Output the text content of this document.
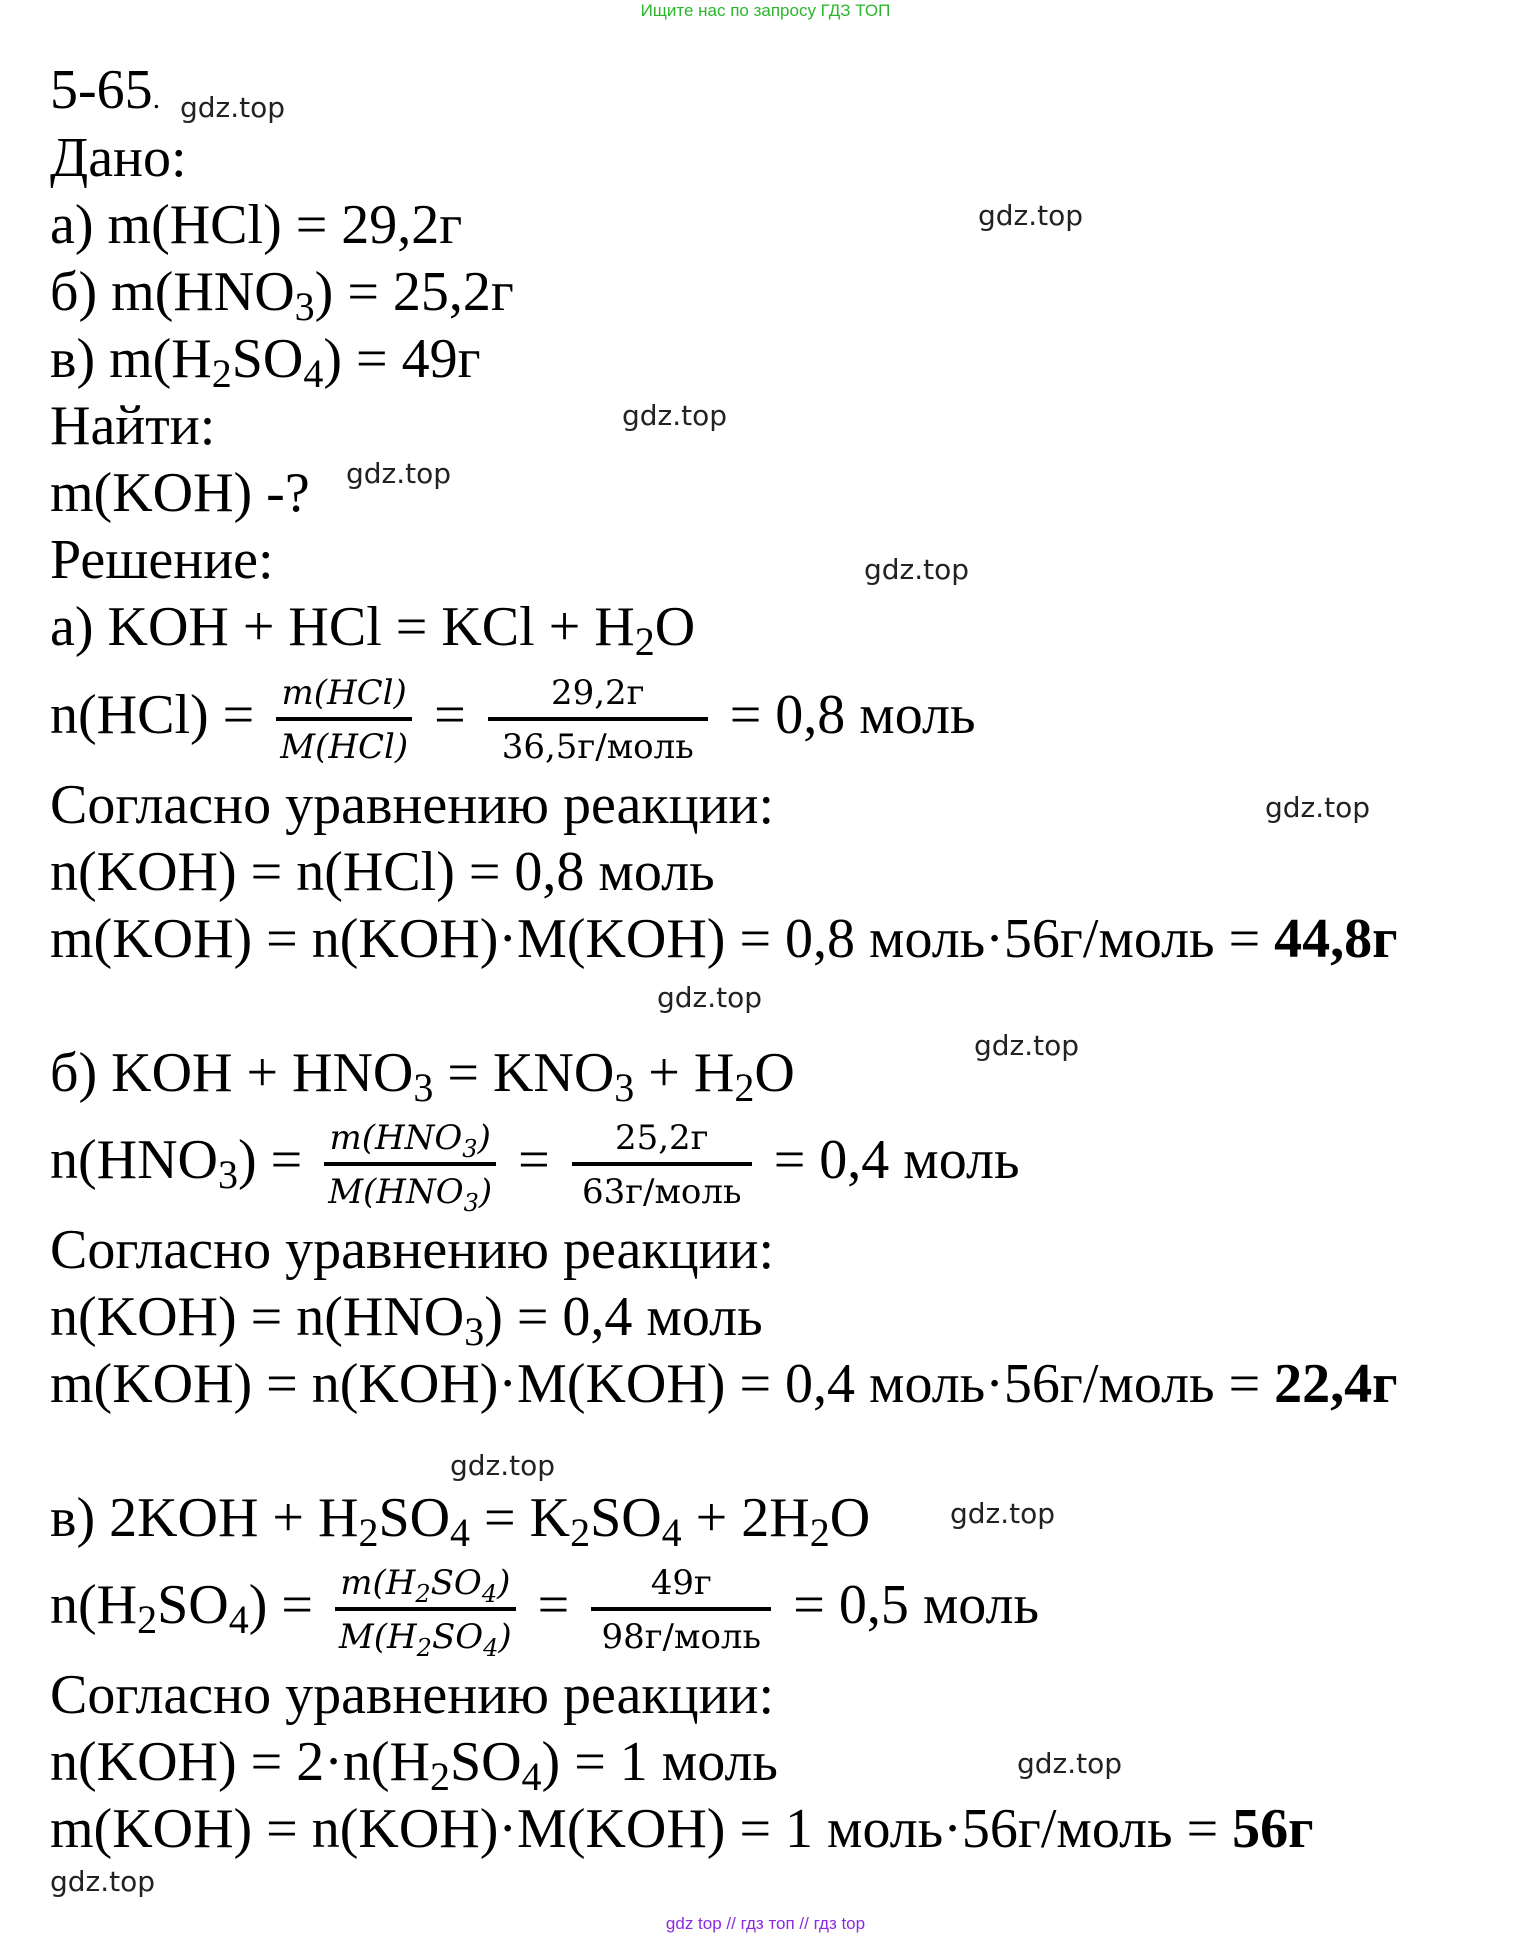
Ищите нас по запросу ГДЗ ТОП
5-65.
Дано:
а) m(HCl) = 29,2г
б) $m(HNO_3) = 25,2г$
в) $m(H_2SO_4) = 49г$
Найти:
m(KOH) -?
Решение:
а) KOH + HCl = KCl + $H_2O$
$n(HCl) = \frac{\text{m(HCl)}}{\text{M(HCl)}} = \frac{29,2г}{\text{36,5г/моль}} = 0,8$ моль
Согласно уравнению реакции:
n(KOH) = n(HCl) = 0,8 моль
m(KOH) = n(KOH)·M(KOH) = 0,8 моль·56г/моль = 44,8г
б) KOH + $HNO_3 = KNO_3 + H_2O$
$n(HNO_3) = \frac{m(HNO_3)}{M(HNO_3)} = \frac{25,2г}{\text{63г/моль}} = 0,4$ моль
Согласно уравнению реакции:
$n(KOH) = n(HNO_3) = 0,4$ моль
m(KOH) = n(KOH)·M(KOH) = 0,4 моль·56г/моль = 22,4г
в) $2KOH + H_2SO_4 = K_2SO_4 + 2H_2O$
$n(H_2SO_4) = \frac{m(H_2SO_4)}{M(H_2SO_4)} = \frac{49г}{\text{98г/моль}} = 0,5$ моль
Согласно уравнению реакции:
$n(KOH) = 2\cdot n(H_2SO_4) = 1$ моль
m(KOH) = n(KOH)·M(KOH) = 1 моль·56г/моль = 56г
gdz.top
gdz.top
gdz.top
gdz.top
gdz.top
gdz.top
gdz.top
gdz.top
gdz.top
gdz.top
gdz.top
gdz.top
gdz top // гдз топ // гдз top
